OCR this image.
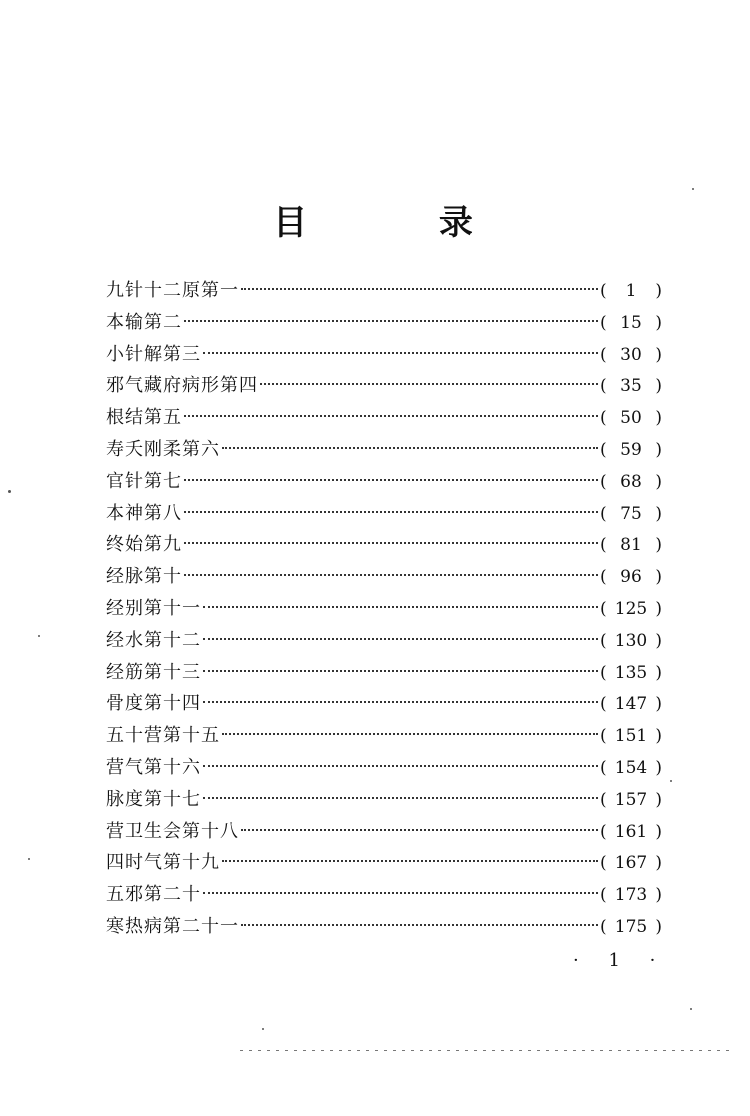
目 录
九针十二原第一	(	1	)
本输第二	( 15 )
小针解第三	( 30 )
邪气藏府病形第四	( 35 )
根结第五	( 50 )
寿夭刚柔第六	( 59 )
官针第七	( 68 )
本神第八	( 75 )
终始第九	( 81 )
经脉第十	( 96 )
经别第十一	( 125 )
经水第十二	( 130 )
经筋第十三	( 135 )
骨度第十四	( 147 )
五十营第十五	( 151 )
营气第十六	( 154 )
脉度第十七	( 157 )
营卫生会第十八	( 161 )
四时气第十九	( 167 )
五邪第二十	( 173 )
寒热病第二十一	( 175 )
· 1 ·
